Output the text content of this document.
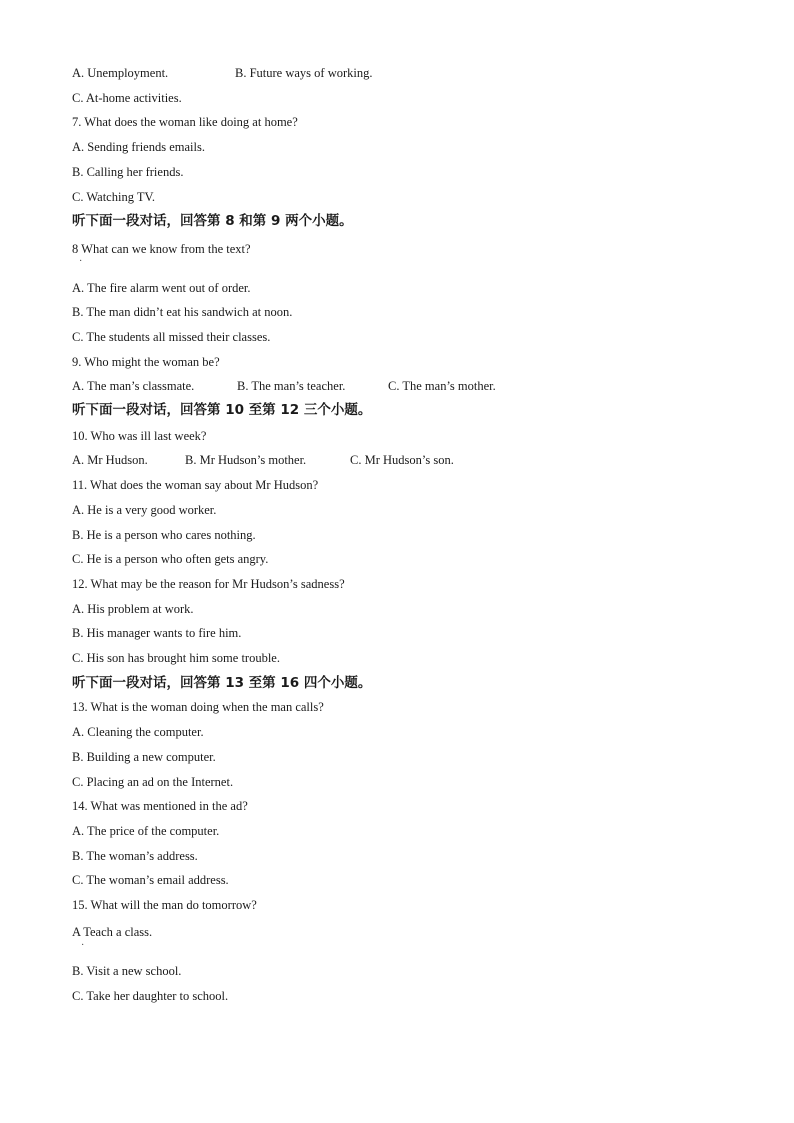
A. Unemployment.	B. Future ways of working.
C. At-home activities.
7. What does the woman like doing at home?
A. Sending friends emails.
B. Calling her friends.
C. Watching TV.
听下面一段对话，回答第 8 和第 9 两个小题。
8 What can we know from the text?
·
A. The fire alarm went out of order.
B. The man didn’t eat his sandwich at noon.
C. The students all missed their classes.
9. Who might the woman be?
A. The man’s classmate.	B. The man’s teacher.	C. The man’s mother.
听下面一段对话，回答第 10 至第 12 三个小题。
10. Who was ill last week?
A. Mr Hudson.	B. Mr Hudson’s mother.	C. Mr Hudson’s son.
11. What does the woman say about Mr Hudson?
A. He is a very good worker.
B. He is a person who cares nothing.
C. He is a person who often gets angry.
12. What may be the reason for Mr Hudson’s sadness?
A. His problem at work.
B. His manager wants to fire him.
C. His son has brought him some trouble.
听下面一段对话，回答第 13 至第 16 四个小题。
13. What is the woman doing when the man calls?
A. Cleaning the computer.
B. Building a new computer.
C. Placing an ad on the Internet.
14. What was mentioned in the ad?
A. The price of the computer.
B. The woman’s address.
C. The woman’s email address.
15. What will the man do tomorrow?
A Teach a class.
·
B. Visit a new school.
C. Take her daughter to school.
